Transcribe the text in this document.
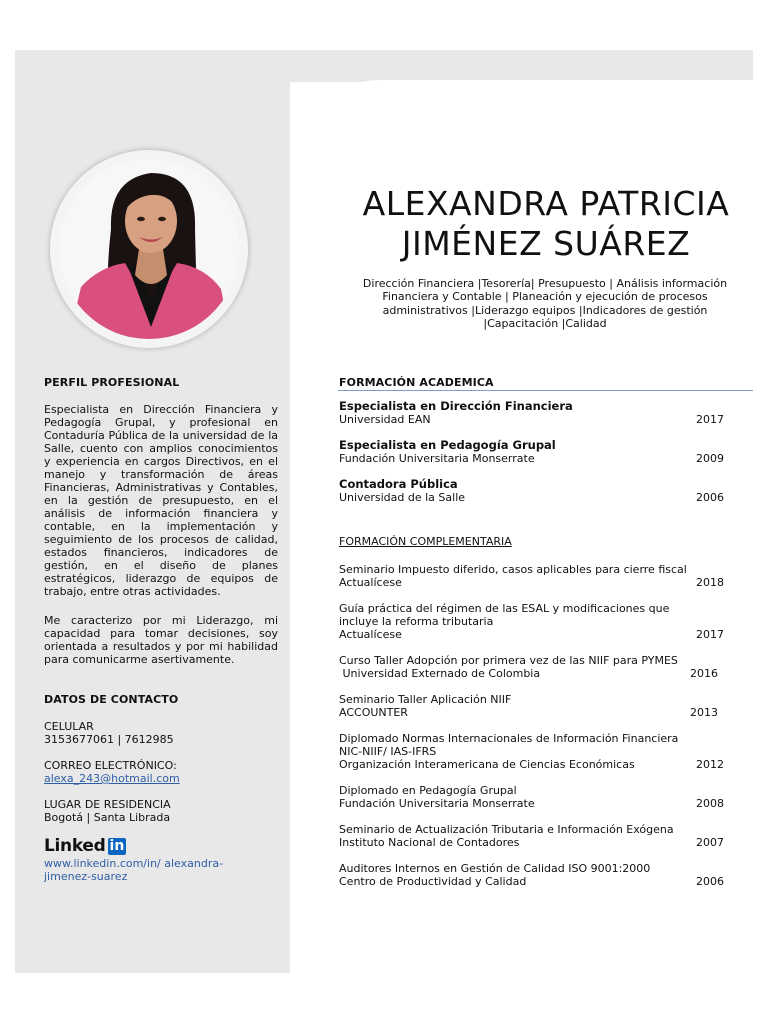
PERFIL PROFESIONAL

Especialista en Dirección Financiera y Pedagogía Grupal, y profesional en Contaduría Pública de la universidad de la Salle, cuento con amplios conocimientos y experiencia en cargos Directivos, en el manejo y transformación de áreas Financieras, Administrativas y Contables, en la gestión de presupuesto, en el análisis de información financiera y contable, en la implementación y seguimiento de los procesos de calidad, estados financieros, indicadores de gestión, en el diseño de planes estratégicos, liderazgo de equipos de trabajo, entre otras actividades.

Me caracterizo por mi Liderazgo, mi capacidad para tomar decisiones, soy orientada a resultados y por mi habilidad para comunicarme asertivamente.

DATOS DE CONTACTO
CELULAR
3153677061 | 7612985
CORREO ELECTRÓNICO:
alexa_243@hotmail.com
LUGAR DE RESIDENCIA
Bogotá | Santa Librada
Linked in
www.linkedin.com/in/ alexandra-jimenez-suarez
ALEXANDRA PATRICIA
JIMÉNEZ SUÁREZ

Dirección Financiera |Tesorería| Presupuesto | Análisis información Financiera y Contable | Planeación y ejecución de procesos administrativos |Liderazgo equipos |Indicadores de gestión |Capacitación |Calidad

FORMACIÓN ACADEMICA
Especialista en Dirección Financiera
Universidad EAN	2017
Especialista en Pedagogía Grupal
Fundación Universitaria Monserrate	2009
Contadora Pública
Universidad de la Salle	2006
FORMACIÓN COMPLEMENTARIA
Seminario Impuesto diferido, casos aplicables para cierre fiscal
Actualícese	2018
Guía práctica del régimen de las ESAL y modificaciones que
incluye la reforma tributaria
Actualícese	2017
Curso Taller Adopción por primera vez de las NIIF para PYMES
Universidad Externado de Colombia	2016
Seminario Taller Aplicación NIIF
ACCOUNTER	2013
Diplomado Normas Internacionales de Información Financiera
NIC-NIIF/ IAS-IFRS
Organización Interamericana de Ciencias Económicas	2012
Diplomado en Pedagogía Grupal
Fundación Universitaria Monserrate	2008
Seminario de Actualización Tributaria e Información Exógena
Instituto Nacional de Contadores	2007
Auditores Internos en Gestión de Calidad ISO 9001:2000
Centro de Productividad y Calidad	2006
